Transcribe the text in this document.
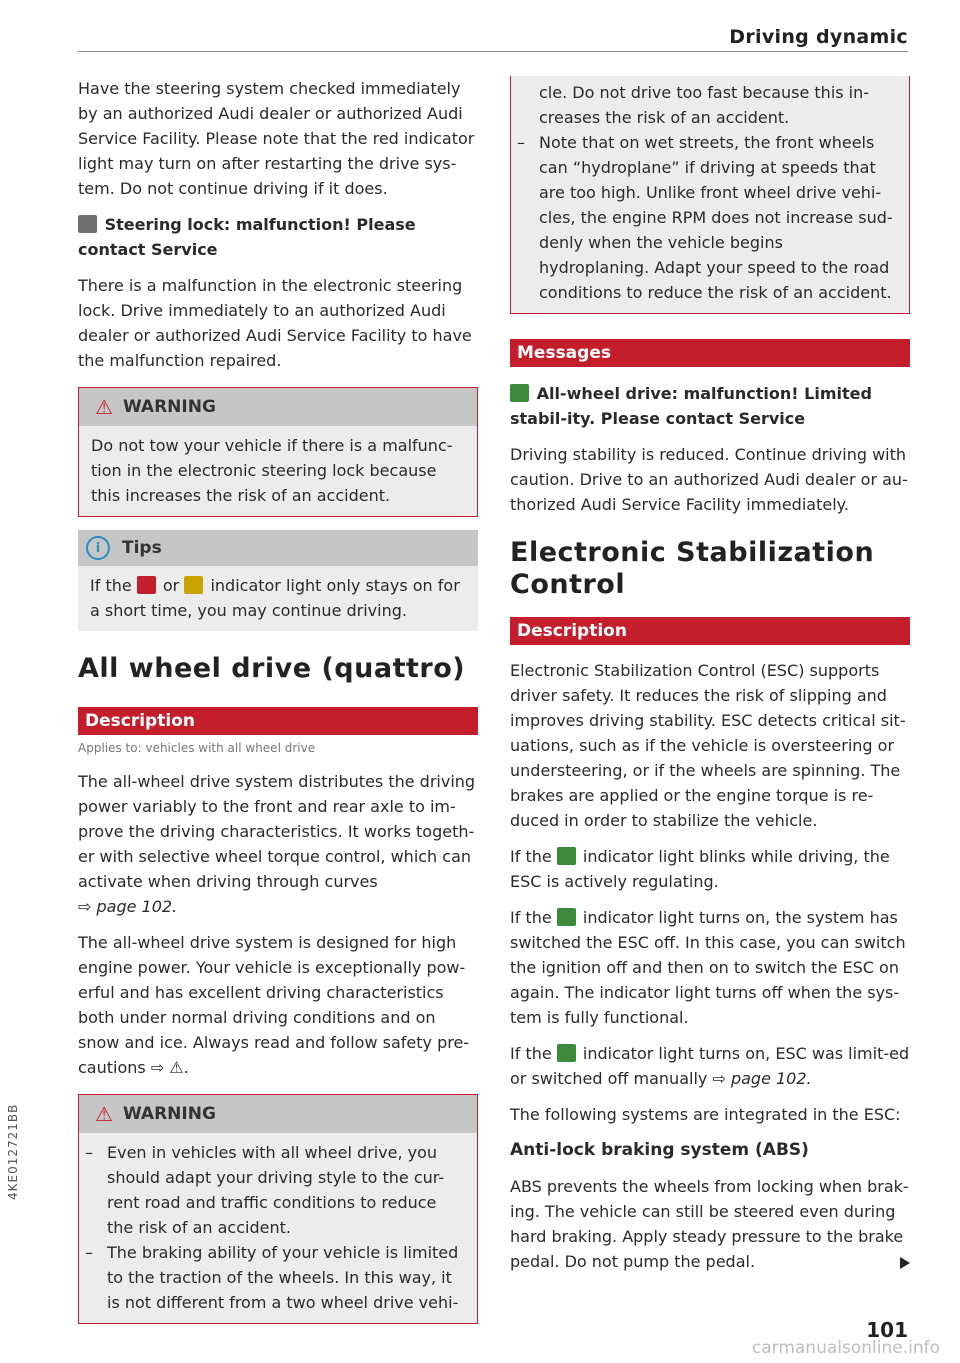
Driving dynamic

Have the steering system checked immediately by an authorized Audi dealer or authorized Audi Service Facility. Please note that the red indicator light may turn on after restarting the drive sys-tem. Do not continue driving if it does.

Steering lock: malfunction! Please contact Service

There is a malfunction in the electronic steering lock. Drive immediately to an authorized Audi dealer or authorized Audi Service Facility to have the malfunction repaired.

⚠ WARNING

Do not tow your vehicle if there is a malfunc-tion in the electronic steering lock because this increases the risk of an accident.

i	Tips

If the or indicator light only stays on for a short time, you may continue driving.

All wheel drive (quattro)
Description
Applies to: vehicles with all wheel drive

The all-wheel drive system distributes the driving power variably to the front and rear axle to im-prove the driving characteristics. It works togeth-er with selective wheel torque control, which can activate when driving through curves

⇨ page 102.

The all-wheel drive system is designed for high engine power. Your vehicle is exceptionally pow-erful and has excellent driving characteristics both under normal driving conditions and on snow and ice. Always read and follow safety pre-cautions ⇨ ⚠.

⚠ WARNING
– Even in vehicles with all wheel drive, you should adapt your driving style to the cur-rent road and traffic conditions to reduce the risk of an accident.
– The braking ability of your vehicle is limited to the traction of the wheels. In this way, it is not different from a two wheel drive vehi-

cle. Do not drive too fast because this in-creases the risk of an accident.

– Note that on wet streets, the front wheels can “hydroplane” if driving at speeds that are too high. Unlike front wheel drive vehi-cles, the engine RPM does not increase sud-denly when the vehicle begins hydroplaning. Adapt your speed to the road conditions to reduce the risk of an accident.
Messages
All-wheel drive: malfunction! Limited stabil-ity. Please contact Service

Driving stability is reduced. Continue driving with caution. Drive to an authorized Audi dealer or au-thorized Audi Service Facility immediately.

Electronic Stabilization Control
Description

Electronic Stabilization Control (ESC) supports driver safety. It reduces the risk of slipping and improves driving stability. ESC detects critical sit-uations, such as if the vehicle is oversteering or understeering, or if the wheels are spinning. The brakes are applied or the engine torque is re-duced in order to stabilize the vehicle.

If the indicator light blinks while driving, the ESC is actively regulating.

If the indicator light turns on, the system has switched the ESC off. In this case, you can switch the ignition off and then on to switch the ESC on again. The indicator light turns off when the sys-tem is fully functional.

If the indicator light turns on, ESC was limit-ed or switched off manually ⇨ page 102.

The following systems are integrated in the ESC:

Anti-lock braking system (ABS)

ABS prevents the wheels from locking when brak-ing. The vehicle can still be steered even during hard braking. Apply steady pressure to the brake pedal. Do not pump the pedal.

4KE012721BB
101
carmanualsonline.info
